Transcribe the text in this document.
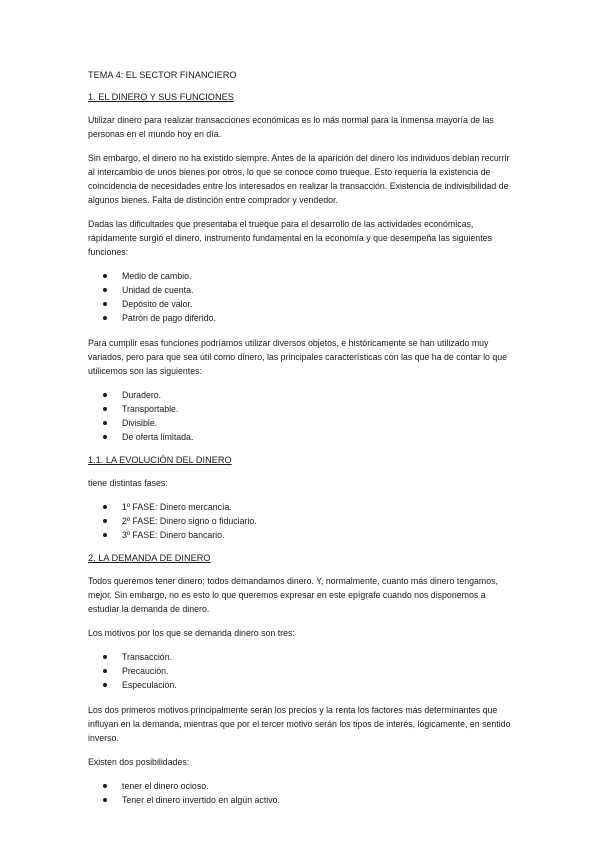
TEMA 4: EL SECTOR FINANCIERO
1. EL DINERO Y SUS FUNCIONES

Utilizar dinero para realizar transacciones económicas es lo más normal para la inmensa mayoría de las personas en el mundo hoy en día.

Sin embargo, el dinero no ha existido siempre. Antes de la aparición del dinero los individuos debían recurrir al intercambio de unos bienes por otros, lo que se conoce como trueque. Esto requería la existencia de coincidencia de necesidades entre los interesados en realizar la transacción. Existencia de indivisibilidad de algunos bienes. Falta de distinción entre comprador y vendedor.

Dadas las dificultades que presentaba el trueque para el desarrollo de las actividades económicas, rápidamente surgió el dinero, instrumento fundamental en la economía y que desempeña las siguientes funciones:

Medio de cambio.
Unidad de cuenta.
Depósito de valor.
Patrón de pago diferido.

Para cumplir esas funciones podríamos utilizar diversos objetos, e históricamente se han utilizado muy variados, pero para que sea útil como dinero, las principales características con las que ha de contar lo que utilicemos son las siguientes:

Duradero.
Transportable.
Divisible.
De oferta limitada.
1.1. LA EVOLUCIÓN DEL DINERO

tiene distintas fases:

1º FASE: Dinero mercancía.
2º FASE: Dinero signo o fiduciario.
3º FASE: Dinero bancario.
2. LA DEMANDA DE DINERO

Todos queremos tener dinero; todos demandamos dinero. Y, normalmente, cuanto más dinero tengamos, mejor. Sin embargo, no es esto lo que queremos expresar en este epígrafe cuando nos disponemos a estudiar la demanda de dinero.

Los motivos por los que se demanda dinero son tres:

Transacción.
Precaución.
Especulación.

Los dos primeros motivos principalmente serán los precios y la renta los factores más determinantes que influyan en la demanda, mientras que por el tercer motivo serán los tipos de interés, lógicamente, en sentido inverso.

Existen dos posibilidades:

tener el dinero ocioso.
Tener el dinero invertido en algún activo.
